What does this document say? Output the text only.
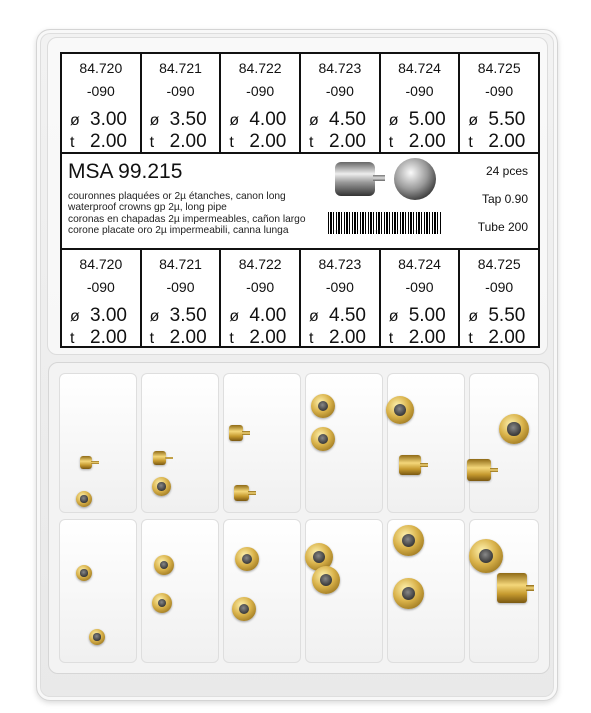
84.720
-090
ø 3.00
t 2.00
84.721
-090
ø 3.50
t 2.00
84.722
-090
ø 4.00
t 2.00
84.723
-090
ø 4.50
t 2.00
84.724
-090
ø 5.00
t 2.00
84.725
-090
ø 5.50
t 2.00
MSA 99.215
couronnes plaquées or 2µ étanches, canon long
waterproof crowns gp 2µ, long pipe
coronas en chapadas 2µ impermeables, cañon largo
corone placate oro 2µ impermeabili, canna lunga
24 pces
Tap 0.90
Tube 200
84.720
-090
ø 3.00
t 2.00
84.721
-090
ø 3.50
t 2.00
84.722
-090
ø 4.00
t 2.00
84.723
-090
ø 4.50
t 2.00
84.724
-090
ø 5.00
t 2.00
84.725
-090
ø 5.50
t 2.00
